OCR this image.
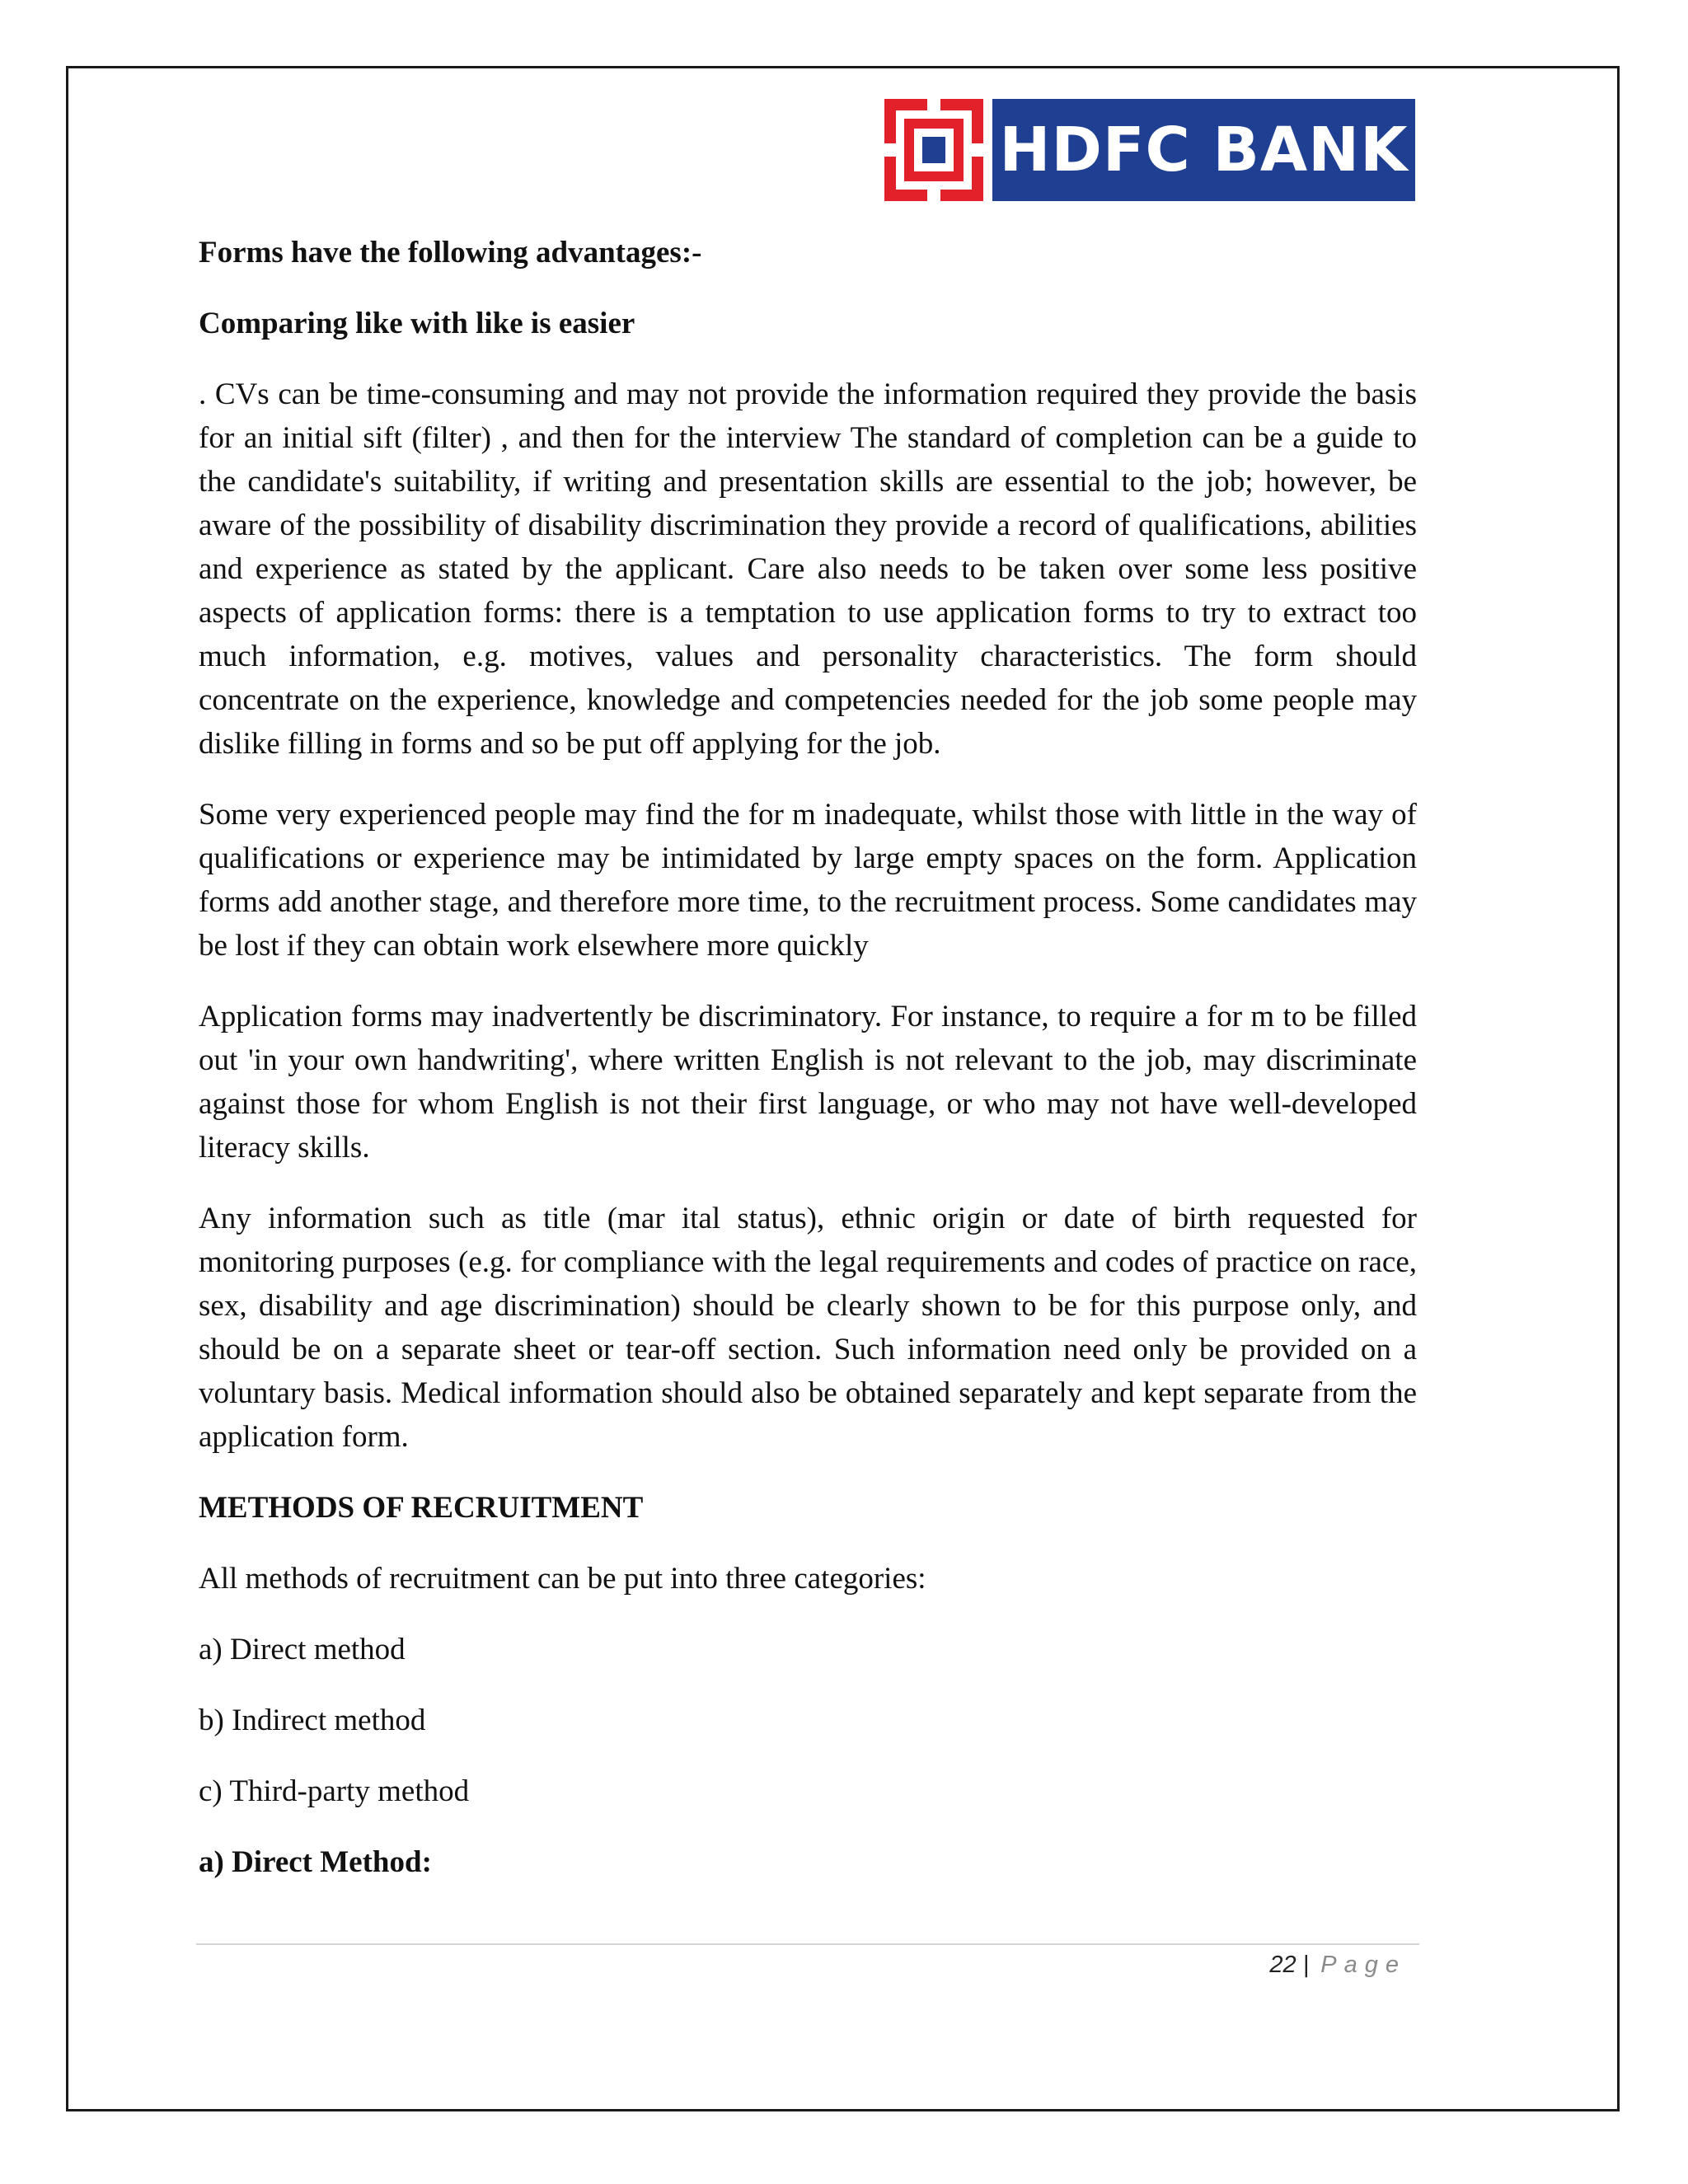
HDFC BANK

Forms have the following advantages:-

Comparing like with like is easier

. CVs can be time-consuming and may not provide the information required they provide the basis for an initial sift (filter) , and then for the interview The standard of completion can be a guide to the candidate's suitability, if writing and presentation skills are essential to the job; however, be aware of the possibility of disability discrimination they provide a record of qualifications, abilities and experience as stated by the applicant. Care also needs to be taken over some less positive aspects of application forms: there is a temptation to use application forms to try to extract too much information, e.g. motives, values and personality characteristics. The form should concentrate on the experience, knowledge and competencies needed for the job some people may dislike filling in forms and so be put off applying for the job.

Some very experienced people may find the for m inadequate, whilst those with little in the way of qualifications or experience may be intimidated by large empty spaces on the form. Application forms add another stage, and therefore more time, to the recruitment process. Some candidates may be lost if they can obtain work elsewhere more quickly

Application forms may inadvertently be discriminatory. For instance, to require a for m to be filled out 'in your own handwriting', where written English is not relevant to the job, may discriminate against those for whom English is not their first language, or who may not have well-developed literacy skills.

Any information such as title (mar ital status), ethnic origin or date of birth requested for monitoring purposes (e.g. for compliance with the legal requirements and codes of practice on race, sex, disability and age discrimination) should be clearly shown to be for this purpose only, and should be on a separate sheet or tear-off section. Such information need only be provided on a voluntary basis. Medical information should also be obtained separately and kept separate from the application form.

METHODS OF RECRUITMENT

All methods of recruitment can be put into three categories:

a) Direct method

b) Indirect method

c) Third-party method

a) Direct Method:

22 | Page
